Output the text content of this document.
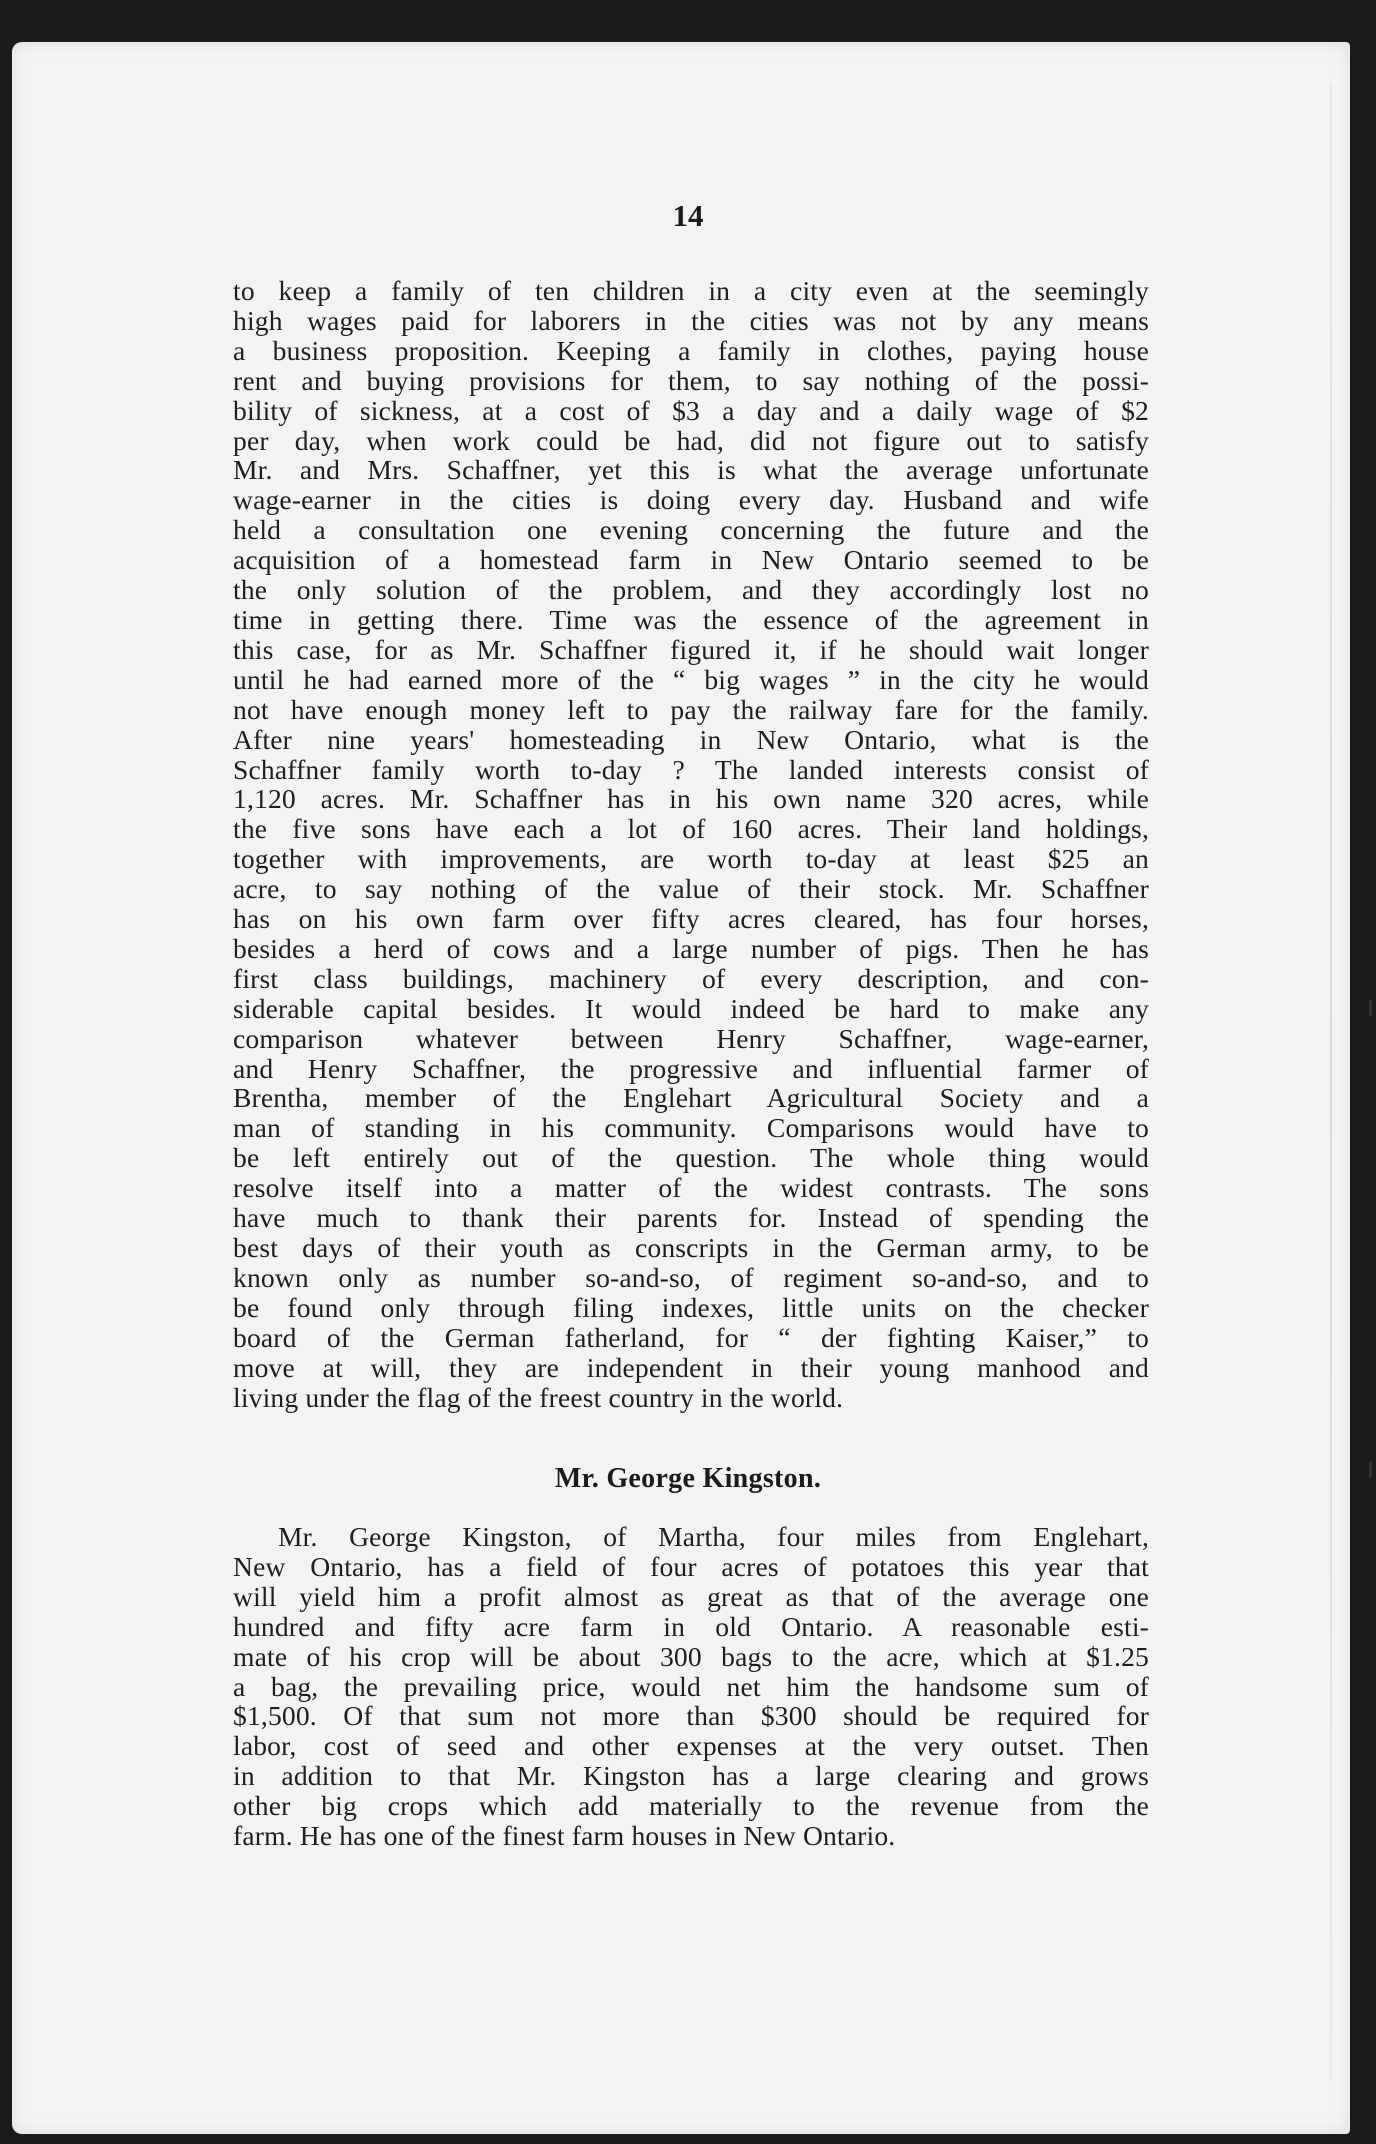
14

to keep a family of ten children in a city even at the seemingly
high wages paid for laborers in the cities was not by any means
a business proposition. Keeping a family in clothes, paying house
rent and buying provisions for them, to say nothing of the possi-
bility of sickness, at a cost of $3 a day and a daily wage of $2
per day, when work could be had, did not figure out to satisfy
Mr. and Mrs. Schaffner, yet this is what the average unfortunate
wage-earner in the cities is doing every day. Husband and wife
held a consultation one evening concerning the future and the
acquisition of a homestead farm in New Ontario seemed to be
the only solution of the problem, and they accordingly lost no
time in getting there. Time was the essence of the agreement in
this case, for as Mr. Schaffner figured it, if he should wait longer
until he had earned more of the “ big wages ” in the city he would
not have enough money left to pay the railway fare for the family.
After nine years' homesteading in New Ontario, what is the
Schaffner family worth to-day ? The landed interests consist of
1,120 acres. Mr. Schaffner has in his own name 320 acres, while
the five sons have each a lot of 160 acres. Their land holdings,
together with improvements, are worth to-day at least $25 an
acre, to say nothing of the value of their stock. Mr. Schaffner
has on his own farm over fifty acres cleared, has four horses,
besides a herd of cows and a large number of pigs. Then he has
first class buildings, machinery of every description, and con-
siderable capital besides. It would indeed be hard to make any
comparison whatever between Henry Schaffner, wage-earner,
and Henry Schaffner, the progressive and influential farmer of
Brentha, member of the Englehart Agricultural Society and a
man of standing in his community. Comparisons would have to
be left entirely out of the question. The whole thing would
resolve itself into a matter of the widest contrasts. The sons
have much to thank their parents for. Instead of spending the
best days of their youth as conscripts in the German army, to be
known only as number so-and-so, of regiment so-and-so, and to
be found only through filing indexes, little units on the checker
board of the German fatherland, for “ der fighting Kaiser,” to
move at will, they are independent in their young manhood and
living under the flag of the freest country in the world.

Mr. George Kingston.

Mr. George Kingston, of Martha, four miles from Englehart,
New Ontario, has a field of four acres of potatoes this year that
will yield him a profit almost as great as that of the average one
hundred and fifty acre farm in old Ontario. A reasonable esti-
mate of his crop will be about 300 bags to the acre, which at $1.25
a bag, the prevailing price, would net him the handsome sum of
$1,500. Of that sum not more than $300 should be required for
labor, cost of seed and other expenses at the very outset. Then
in addition to that Mr. Kingston has a large clearing and grows
other big crops which add materially to the revenue from the
farm. He has one of the finest farm houses in New Ontario.
